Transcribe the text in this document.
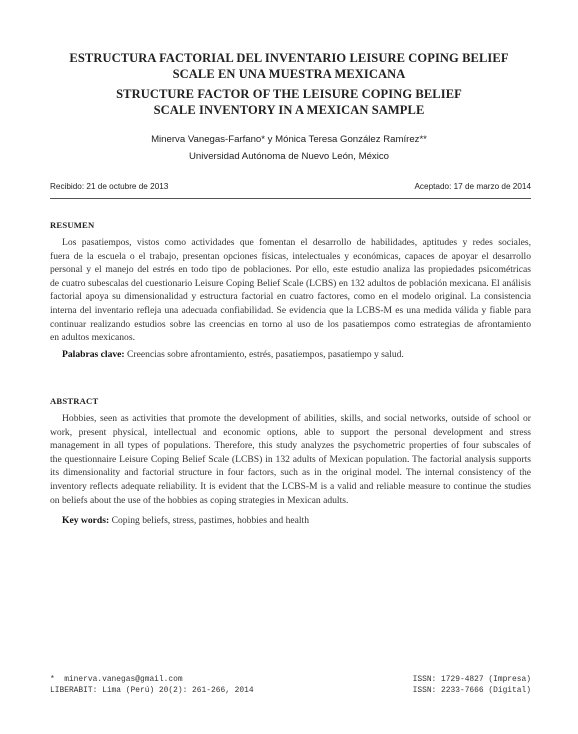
ESTRUCTURA FACTORIAL DEL INVENTARIO LEISURE COPING BELIEF
SCALE EN UNA MUESTRA MEXICANA
STRUCTURE FACTOR OF THE LEISURE COPING BELIEF
SCALE INVENTORY IN A MEXICAN SAMPLE
Minerva Vanegas-Farfano* y Mónica Teresa González Ramírez**
Universidad Autónoma de Nuevo León, México
Recibido: 21 de octubre de 2013	Aceptado: 17 de marzo de 2014
RESUMEN
Los pasatiempos, vistos como actividades que fomentan el desarrollo de habilidades, aptitudes y redes sociales,
fuera de la escuela o el trabajo, presentan opciones físicas, intelectuales y económicas, capaces de apoyar el desarrollo
personal y el manejo del estrés en todo tipo de poblaciones. Por ello, este estudio analiza las propiedades psicométricas
de cuatro subescalas del cuestionario Leisure Coping Belief Scale (LCBS) en 132 adultos de población mexicana. El análisis
factorial apoya su dimensionalidad y estructura factorial en cuatro factores, como en el modelo original. La consistencia
interna del inventario refleja una adecuada confiabilidad. Se evidencia que la LCBS-M es una medida válida y fiable para
continuar realizando estudios sobre las creencias en torno al uso de los pasatiempos como estrategias de afrontamiento
en adultos mexicanos.
Palabras clave: Creencias sobre afrontamiento, estrés, pasatiempos, pasatiempo y salud.
ABSTRACT
Hobbies, seen as activities that promote the development of abilities, skills, and social networks, outside of school or
work, present physical, intellectual and economic options, able to support the personal development and stress
management in all types of populations. Therefore, this study analyzes the psychometric properties of four subscales of
the questionnaire Leisure Coping Belief Scale (LCBS) in 132 adults of Mexican population. The factorial analysis supports
its dimensionality and factorial structure in four factors, such as in the original model. The internal consistency of the
inventory reflects adequate reliability. It is evident that the LCBS-M is a valid and reliable measure to continue the studies
on beliefs about the use of the hobbies as coping strategies in Mexican adults.
Key words: Coping beliefs, stress, pastimes, hobbies and health
*  minerva.vanegas@gmail.com
LIBERABIT: Lima (Perú) 20(2): 261-266, 2014
ISSN: 1729-4827 (Impresa)
ISSN: 2233-7666 (Digital)
